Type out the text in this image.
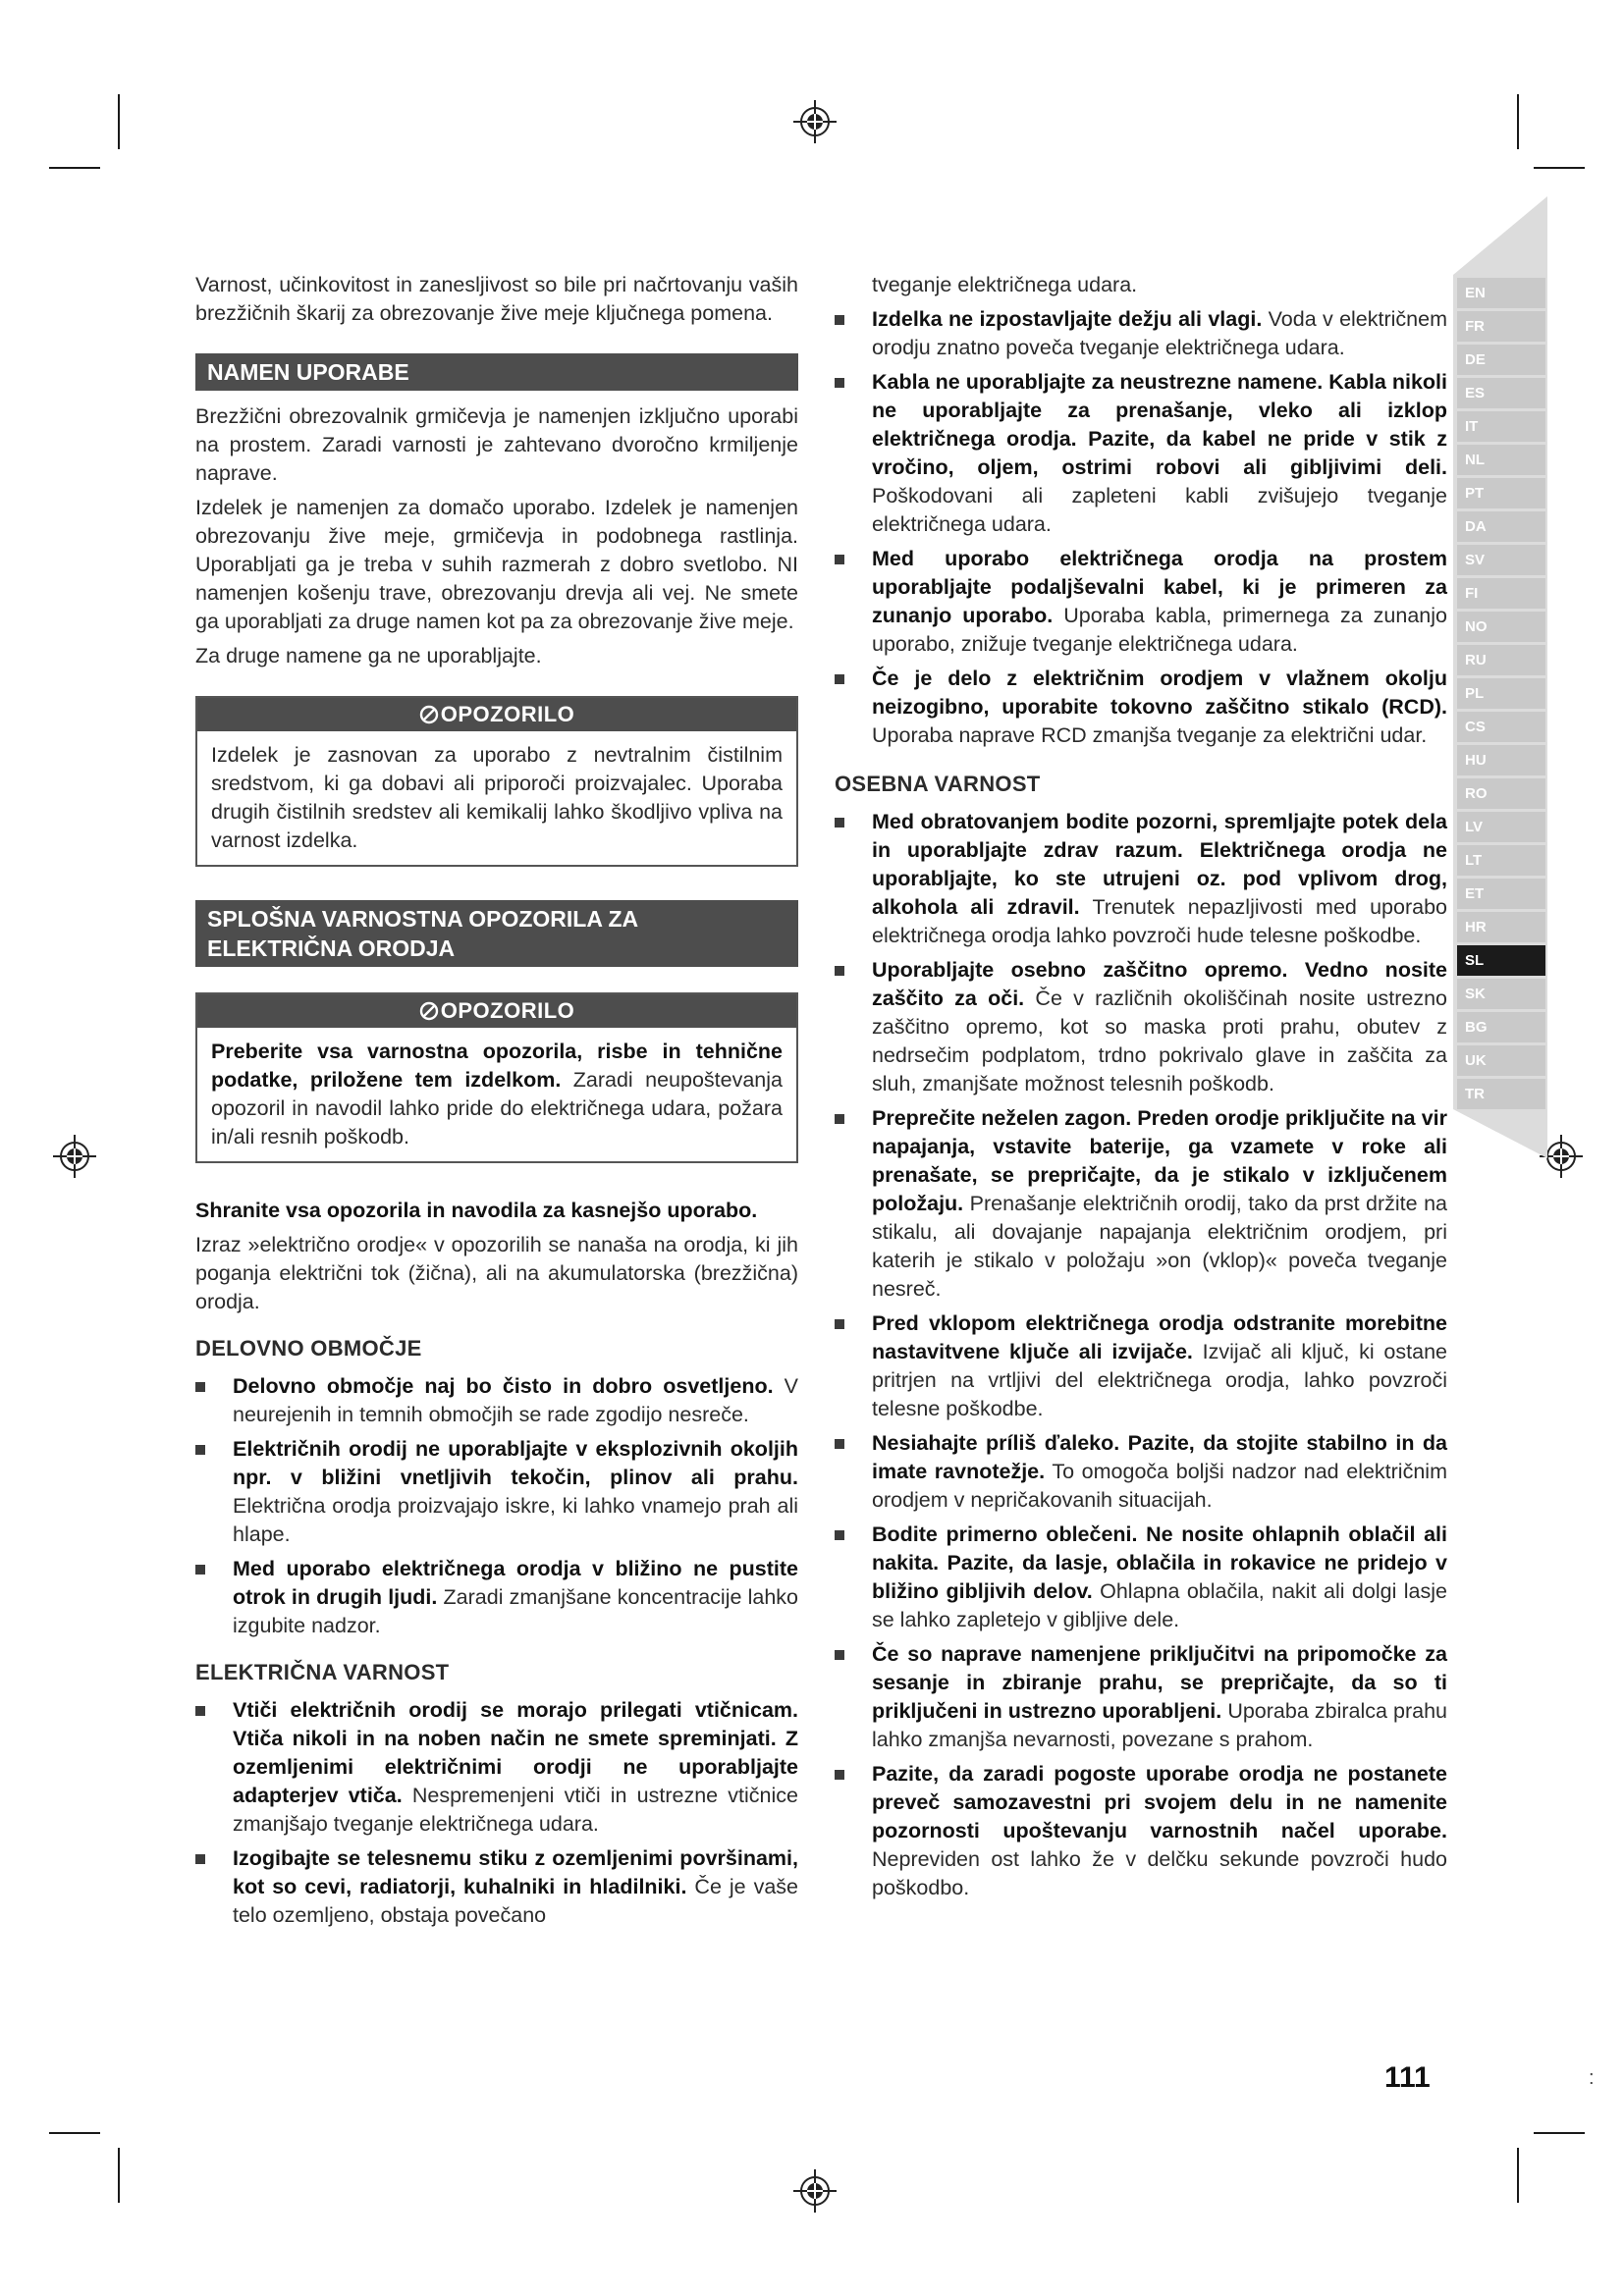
Varnost, učinkovitost in zanesljivost so bile pri načrtovanju vaših brezžičnih škarij za obrezovanje žive meje ključnega pomena.

NAMEN UPORABE

Brezžični obrezovalnik grmičevja je namenjen izključno uporabi na prostem. Zaradi varnosti je zahtevano dvoročno krmiljenje naprave.

Izdelek je namenjen za domačo uporabo. Izdelek je namenjen obrezovanju žive meje, grmičevja in podobnega rastlinja. Uporabljati ga je treba v suhih razmerah z dobro svetlobo. NI namenjen košenju trave, obrezovanju drevja ali vej. Ne smete ga uporabljati za druge namen kot pa za obrezovanje žive meje.

Za druge namene ga ne uporabljajte.

OPOZORILO

Izdelek je zasnovan za uporabo z nevtralnim čistilnim sredstvom, ki ga dobavi ali priporoči proizvajalec. Uporaba drugih čistilnih sredstev ali kemikalij lahko škodljivo vpliva na varnost izdelka.

SPLOŠNA VARNOSTNA OPOZORILA ZA ELEKTRIČNA ORODJA
OPOZORILO

Preberite vsa varnostna opozorila, risbe in tehnične podatke, priložene tem izdelkom. Zaradi neupoštevanja opozoril in navodil lahko pride do električnega udara, požara in/ali resnih poškodb.

Shranite vsa opozorila in navodila za kasnejšo uporabo.

Izraz »električno orodje« v opozorilih se nanaša na orodja, ki jih poganja električni tok (žična), ali na akumulatorska (brezžična) orodja.

DELOVNO OBMOČJE
Delovno območje naj bo čisto in dobro osvetljeno. V neurejenih in temnih območjih se rade zgodijo nesreče.
Električnih orodij ne uporabljajte v eksplozivnih okoljih npr. v bližini vnetljivih tekočin, plinov ali prahu. Električna orodja proizvajajo iskre, ki lahko vnamejo prah ali hlape.
Med uporabo električnega orodja v bližino ne pustite otrok in drugih ljudi. Zaradi zmanjšane koncentracije lahko izgubite nadzor.
ELEKTRIČNA VARNOST
Vtiči električnih orodij se morajo prilegati vtičnicam. Vtiča nikoli in na noben način ne smete spreminjati. Z ozemljenimi električnimi orodji ne uporabljajte adapterjev vtiča. Nespremenjeni vtiči in ustrezne vtičnice zmanjšajo tveganje električnega udara.
Izogibajte se telesnemu stiku z ozemljenimi površinami, kot so cevi, radiatorji, kuhalniki in hladilniki. Če je vaše telo ozemljeno, obstaja povečano

tveganje električnega udara.

Izdelka ne izpostavljajte dežju ali vlagi. Voda v električnem orodju znatno poveča tveganje električnega udara.
Kabla ne uporabljajte za neustrezne namene. Kabla nikoli ne uporabljajte za prenašanje, vleko ali izklop električnega orodja. Pazite, da kabel ne pride v stik z vročino, oljem, ostrimi robovi ali gibljivimi deli. Poškodovani ali zapleteni kabli zvišujejo tveganje električnega udara.
Med uporabo električnega orodja na prostem uporabljajte podaljševalni kabel, ki je primeren za zunanjo uporabo. Uporaba kabla, primernega za zunanjo uporabo, znižuje tveganje električnega udara.
Če je delo z električnim orodjem v vlažnem okolju neizogibno, uporabite tokovno zaščitno stikalo (RCD). Uporaba naprave RCD zmanjša tveganje za električni udar.
OSEBNA VARNOST
Med obratovanjem bodite pozorni, spremljajte potek dela in uporabljajte zdrav razum. Električnega orodja ne uporabljajte, ko ste utrujeni oz. pod vplivom drog, alkohola ali zdravil. Trenutek nepazljivosti med uporabo električnega orodja lahko povzroči hude telesne poškodbe.
Uporabljajte osebno zaščitno opremo. Vedno nosite zaščito za oči. Če v različnih okoliščinah nosite ustrezno zaščitno opremo, kot so maska proti prahu, obutev z nedrsečim podplatom, trdno pokrivalo glave in zaščita za sluh, zmanjšate možnost telesnih poškodb.
Preprečite neželen zagon. Preden orodje priključite na vir napajanja, vstavite baterije, ga vzamete v roke ali prenašate, se prepričajte, da je stikalo v izključenem položaju. Prenašanje električnih orodij, tako da prst držite na stikalu, ali dovajanje napajanja električnim orodjem, pri katerih je stikalo v položaju »on (vklop)« poveča tveganje nesreč.
Pred vklopom električnega orodja odstranite morebitne nastavitvene ključe ali izvijače. Izvijač ali ključ, ki ostane pritrjen na vrtljivi del električnega orodja, lahko povzroči telesne poškodbe.
Nesiahajte príliš ďaleko. Pazite, da stojite stabilno in da imate ravnotežje. To omogoča boljši nadzor nad električnim orodjem v nepričakovanih situacijah.
Bodite primerno oblečeni. Ne nosite ohlapnih oblačil ali nakita. Pazite, da lasje, oblačila in rokavice ne pridejo v bližino gibljivih delov. Ohlapna oblačila, nakit ali dolgi lasje se lahko zapletejo v gibljive dele.
Če so naprave namenjene priključitvi na pripomočke za sesanje in zbiranje prahu, se prepričajte, da so ti priključeni in ustrezno uporabljeni. Uporaba zbiralca prahu lahko zmanjša nevarnosti, povezane s prahom.
Pazite, da zaradi pogoste uporabe orodja ne postanete preveč samozavestni pri svojem delu in ne namenite pozornosti upoštevanju varnostnih načel uporabe. Nepreviden ost lahko že v delčku sekunde povzroči hudo poškodbo.
EN
FR
DE
ES
IT
NL
PT
DA
SV
FI
NO
RU
PL
CS
HU
RO
LV
LT
ET
HR
SL
SK
BG
UK
TR
111	:
